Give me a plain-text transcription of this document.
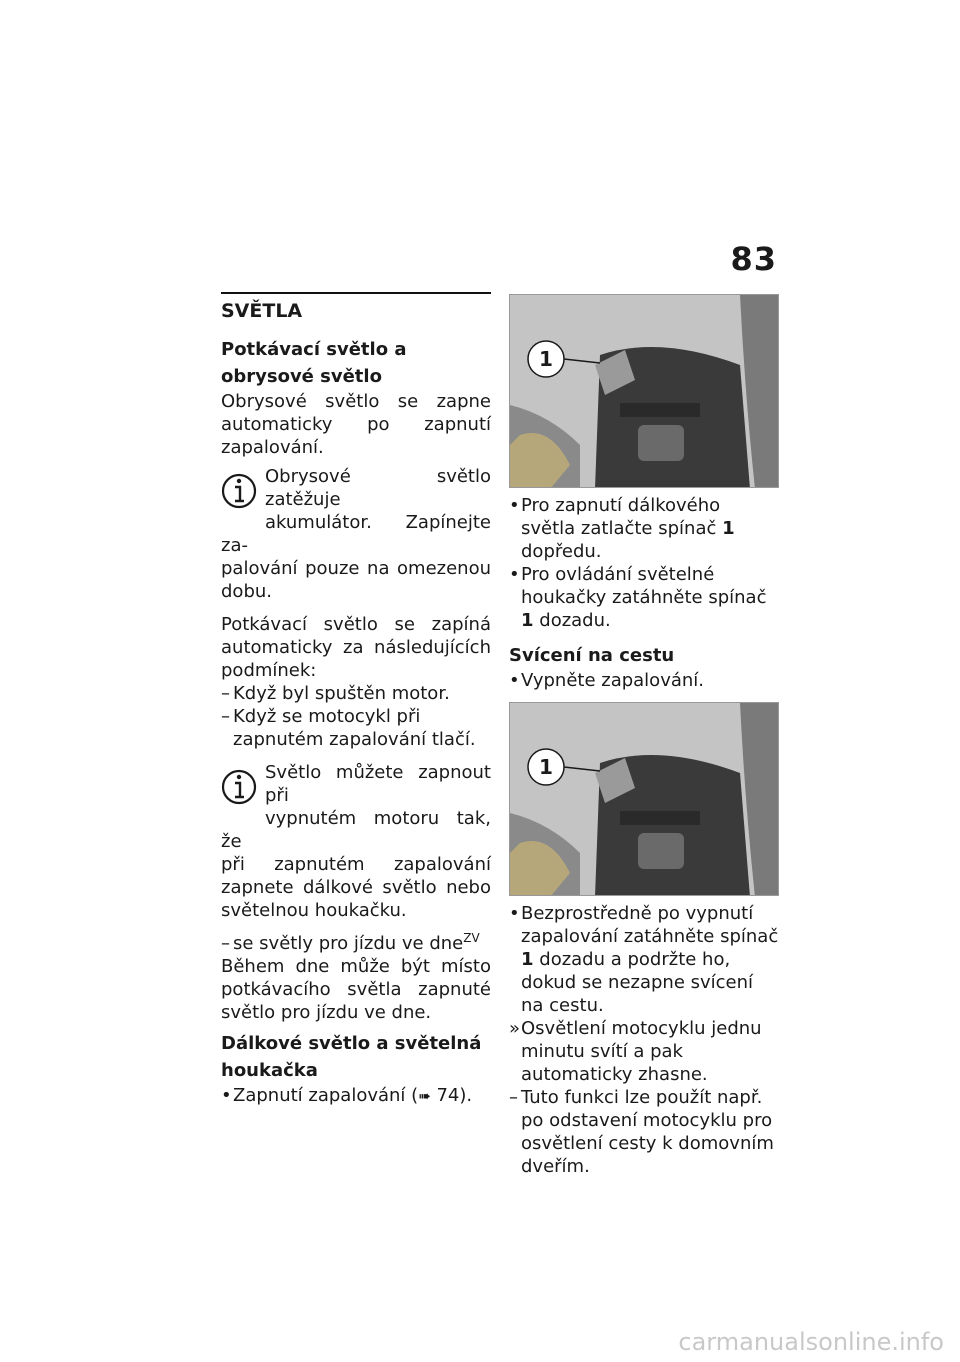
83
SVĚTLA
Potkávací světlo a obrysové světlo

Obrysové světlo se zapne automaticky po zapnutí zapalování.

Obrysové světlo zatěžuje

akumulátor. Zapínejte za-

palování pouze na omezenou dobu.

Potkávací světlo se zapíná automaticky za následujících podmínek:

– Když byl spuštěn motor.
– Když se motocykl při zapnutém zapalování tlačí.

Světlo můžete zapnout při

vypnutém motoru tak, že

při zapnutém zapalování zapnete dálkové světlo nebo světelnou houkačku.

– se světly pro jízdu ve dne$^{ZV}$

Během dne může být místo potkávacího světla zapnuté světlo pro jízdu ve dne.

Dálkové světlo a světelná houkačka
• Zapnutí zapalování (➠ 74).
1
• Pro zapnutí dálkového světla zatlačte spínač 1 dopředu.
• Pro ovládání světelné houkačky zatáhněte spínač 1 dozadu.
Svícení na cestu
• Vypněte zapalování.
1
• Bezprostředně po vypnutí zapalování zatáhněte spínač 1 dozadu a podržte ho, dokud se nezapne svícení na cestu.
» Osvětlení motocyklu jednu minutu svítí a pak automaticky zhasne.
– Tuto funkci lze použít např. po odstavení motocyklu pro osvětlení cesty k domovním dveřím.
carmanualsonline.info
